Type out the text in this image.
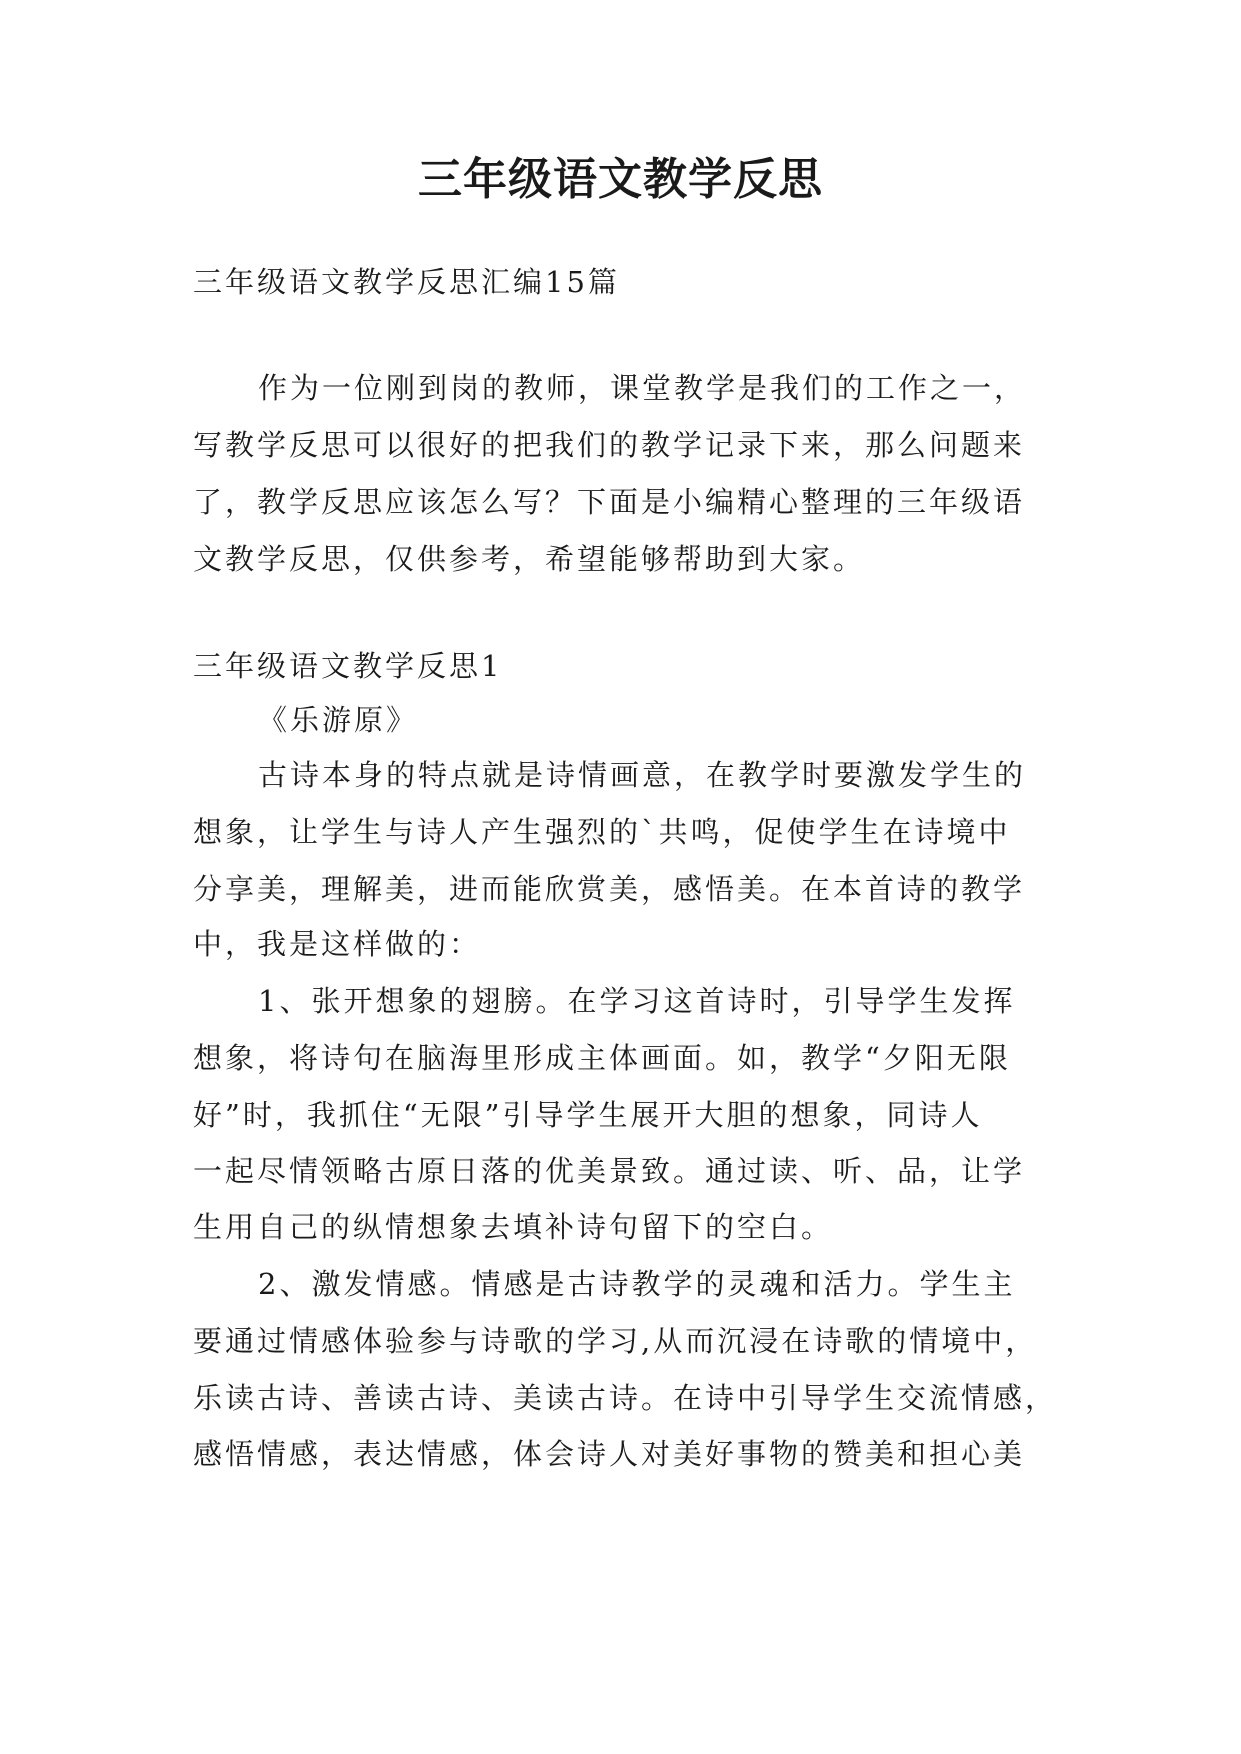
三年级语文教学反思

三年级语文教学反思汇编15篇

作为一位刚到岗的教师，课堂教学是我们的工作之一，

写教学反思可以很好的把我们的教学记录下来，那么问题来

了，教学反思应该怎么写？下面是小编精心整理的三年级语

文教学反思，仅供参考，希望能够帮助到大家。

三年级语文教学反思1

《乐游原》

古诗本身的特点就是诗情画意，在教学时要激发学生的

想象，让学生与诗人产生强烈的`共鸣，促使学生在诗境中

分享美，理解美，进而能欣赏美，感悟美。在本首诗的教学

中，我是这样做的：

1、张开想象的翅膀。在学习这首诗时，引导学生发挥

想象，将诗句在脑海里形成主体画面。如，教学“夕阳无限

好”时，我抓住“无限”引导学生展开大胆的想象，同诗人

一起尽情领略古原日落的优美景致。通过读、听、品，让学

生用自己的纵情想象去填补诗句留下的空白。

2、激发情感。情感是古诗教学的灵魂和活力。学生主

要通过情感体验参与诗歌的学习,从而沉浸在诗歌的情境中，

乐读古诗、善读古诗、美读古诗。在诗中引导学生交流情感，

感悟情感，表达情感，体会诗人对美好事物的赞美和担心美
